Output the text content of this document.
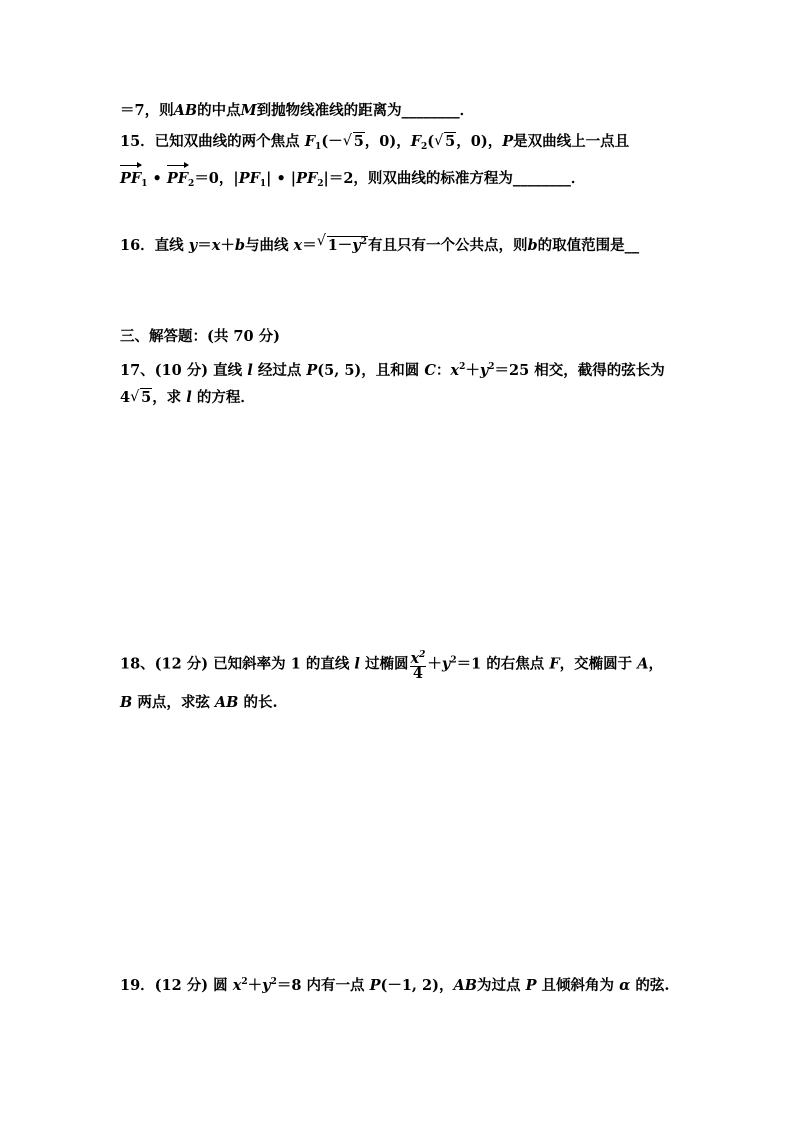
＝7，则AB的中点M到抛物线准线的距离为________．
15．已知双曲线的两个焦点 $F_1(-√$ 5，0)，$F_2(√$ 5，0)，P是双曲线上一点且
$PF_1$ • $PF_2=0$，$|PF_1|$ • $|PF_2|=2$，则双曲线的标准方程为________．
16．直线 y＝x＋b与曲线 x＝√ $1-y^2$有且只有一个公共点，则b的取值范围是__
三、解答题：(共 70 分)
17、(10 分) 直线 l 经过点 P(5, 5)，且和圆 C：$x^2+y^2=25$ 相交，截得的弦长为
4√ 5，求 l 的方程．
18、(12 分) 已知斜率为 1 的直线 l 过椭圆 $\frac{x^2}{4} +y^2=1$ 的右焦点 F，交椭圆于 A，
B 两点，求弦 AB 的长.
19．(12 分) 圆 $x^2+y^2=8$ 内有一点 P(－1, 2)，AB为过点 P 且倾斜角为 α 的弦.
